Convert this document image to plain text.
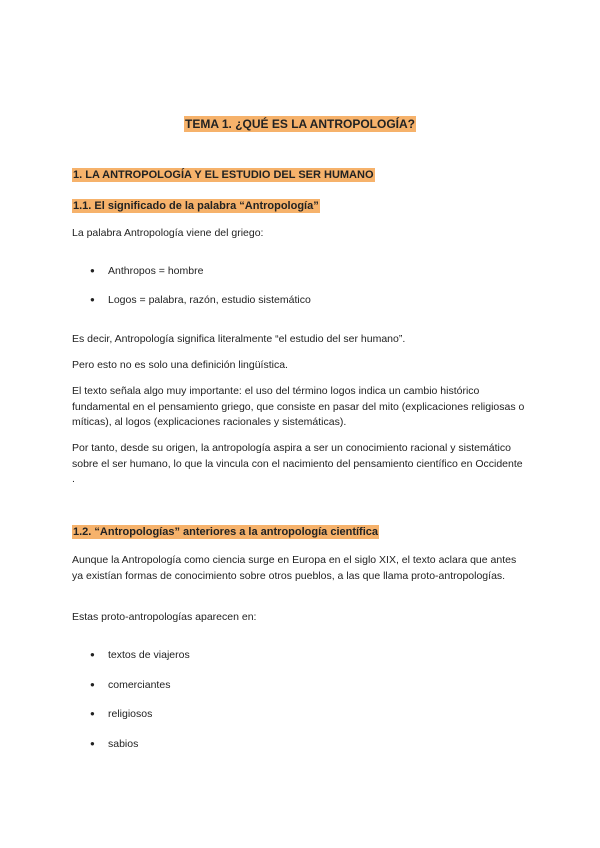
TEMA 1. ¿QUÉ ES LA ANTROPOLOGÍA?
1. LA ANTROPOLOGÍA Y EL ESTUDIO DEL SER HUMANO
1.1. El significado de la palabra “Antropología”
La palabra Antropología viene del griego:
● Anthropos = hombre
● Logos = palabra, razón, estudio sistemático
Es decir, Antropología significa literalmente “el estudio del ser humano”.
Pero esto no es solo una definición lingüística.
El texto señala algo muy importante: el uso del término logos indica un cambio histórico fundamental en el pensamiento griego, que consiste en pasar del mito (explicaciones religiosas o míticas), al logos (explicaciones racionales y sistemáticas).
Por tanto, desde su origen, la antropología aspira a ser un conocimiento racional y sistemático sobre el ser humano, lo que la vincula con el nacimiento del pensamiento científico en Occidente .
1.2. “Antropologías” anteriores a la antropología científica
Aunque la Antropología como ciencia surge en Europa en el siglo XIX, el texto aclara que antes ya existían formas de conocimiento sobre otros pueblos, a las que llama proto-antropologías.
Estas proto-antropologías aparecen en:
● textos de viajeros
● comerciantes
● religiosos
● sabios
